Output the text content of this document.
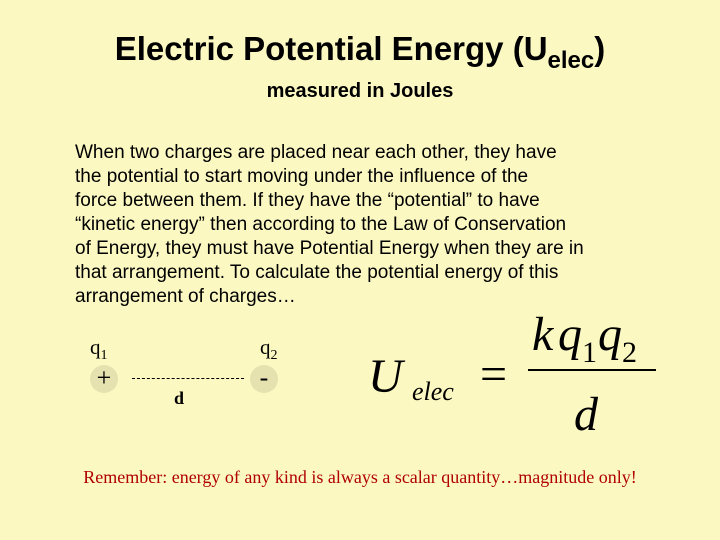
Electric Potential Energy $(U_{elec})$
measured in Joules
When two charges are placed near each other, they have
the potential to start moving under the influence of the
force between them. If they have the “potential” to have
“kinetic energy” then according to the Law of Conservation
of Energy, they must have Potential Energy when they are in
that arrangement. To calculate the potential energy of this
arrangement of charges…
$q_1$	$q_2$
+	-
d	U elec =
k q 1 q 2
d
Remember: energy of any kind is always a scalar quantity…magnitude only!
